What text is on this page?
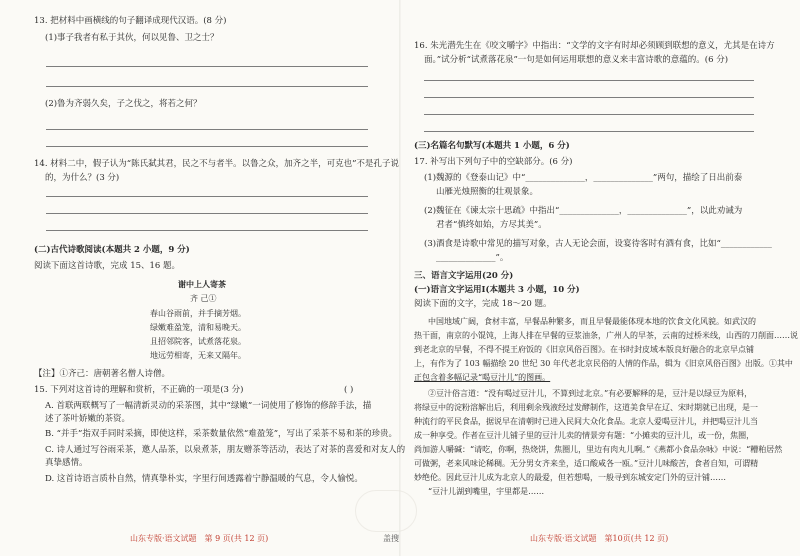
13. 把材料中画横线的句子翻译成现代汉语。(8 分)
(1)事子我者有私于其伙，何以见鲁、卫之士？
(2)鲁为齐弱久矣，子之伐之，将若之何？
14. 材料二中，假子认为“陈氏弑其君，民之不与者半。以鲁之众，加齐之半，可克也”不是孔子说
的，为什么？(3 分)
(二)古代诗歌阅读(本题共 2 小题，9 分)
阅读下面这首诗歌，完成 15、16 题。
谢中上人寄茶
齐 己①
春山谷雨前，并手摘芳烟。
绿嫩难盈笼，清和易晚天。
且招邻院客，试煮落花泉。
地远劳相寄，无来又隔年。
【注】①齐己：唐朝著名僧人诗僧。
15. 下列对这首诗的理解和赏析，不正确的一项是(3 分)	( )
A. 首联两联概写了一幅清新灵动的采茶图，其中“绿嫩”一词使用了修饰的修辞手法，描
述了茶叶娇嫩的茶资。
B. “并手”指双手同时采摘，即使这样，采茶数量依然“难盈笼”，写出了采茶不易和茶的珍贵。
C. 诗人通过写谷雨采茶，邀人品茶，以泉煮茶，朋友赠茶等活动，表达了对茶的喜爱和对友人的
真挚感情。
D. 这首诗语言质朴自然，情真挚朴实，字里行间透露着宁静温暖的气息，令人愉悦。
山东专版·语文试题　第 9 页(共 12 页)	盖搜
16. 朱光潜先生在《咬文嚼字》中指出：“文学的文字有时却必须顾到联想的意义，尤其是在诗方
面。”试分析“试煮落花泉”一句是如何运用联想的意义来丰富诗歌的意蕴的。(6 分)
(三)名篇名句默写(本题共 1 小题，6 分)
17. 补写出下列句子中的空缺部分。(6 分)
(1)魏源的《登泰山记》中“______________，______________”两句，描绘了日出前泰
山雁光烛照衡的壮观景象。
(2)魏征在《谏太宗十思疏》中指出“______________，______________”，以此劝诫为
君者“慎终如始，方尽其美”。
(3)酒食是诗歌中常见的描写对象，古人无论会面，设宴待客时有酒有食，比如“____________
______________”。
三、语言文字运用(20 分)
(一)语言文字运用Ⅰ(本题共 3 小题，10 分)
阅读下面的文字，完成 18～20 题。
中国地域广阔，食材丰富，早餐品种繁多，而且早餐最能体现本地的饮食文化风貌。如武汉的
热干面，南京的小馄饨，上海人排在早餐的豆浆油条，广州人的早茶，云南的过桥米线，山西的刀削面……说
到老北京的早餐，不得不提王府饭的《旧京风俗百图》。在书时封皮域本版良好融合的北京早点铺
上，有作为了 103 幅描绘 20 世纪 30 年代老北京民俗的人情的作品，辑为《旧京风俗百图》出版。①其中
正包含着多幅记录“喝豆汁儿”的图画。
②豆汁俗言道：“没有喝过豆汁儿，不算到过北京。”有必要解释的是，豆汁是以绿豆为原料，
将绿豆中的淀粉溶解出后，利用剩余残液经过发酵制作，这道美食早在辽、宋时期就已出现，是一
种流行的平民食品，据说早在清朝时已进入民间大众化食品。北京人爱喝豆汁儿，并把喝豆汁儿当
成一种享受。作者在豆汁儿铺子里的豆汁儿卖的情景旁有题：“小摊卖的豆汁儿，或一份，焦圈，
尚加游人嚼碱：“请吃，你啊，热烧饼，焦圈儿，里边有肉丸儿啊。”《燕都小食品杂咏》中说：“糟粕居然
可做粥，老来风味论稀稠。无分男女齐来坐，适口酸咸各一瓯。”豆汁儿味酸苦，食者自知，可谓精
妙绝伦。因此豆汁儿成为北京人的最爱，但若想喝，一般寻到东城安定门外的豆汁铺……
“豆汁儿湖到嘴里，宇里都是……
山东专版·语文试题　第10页(共 12 页)
